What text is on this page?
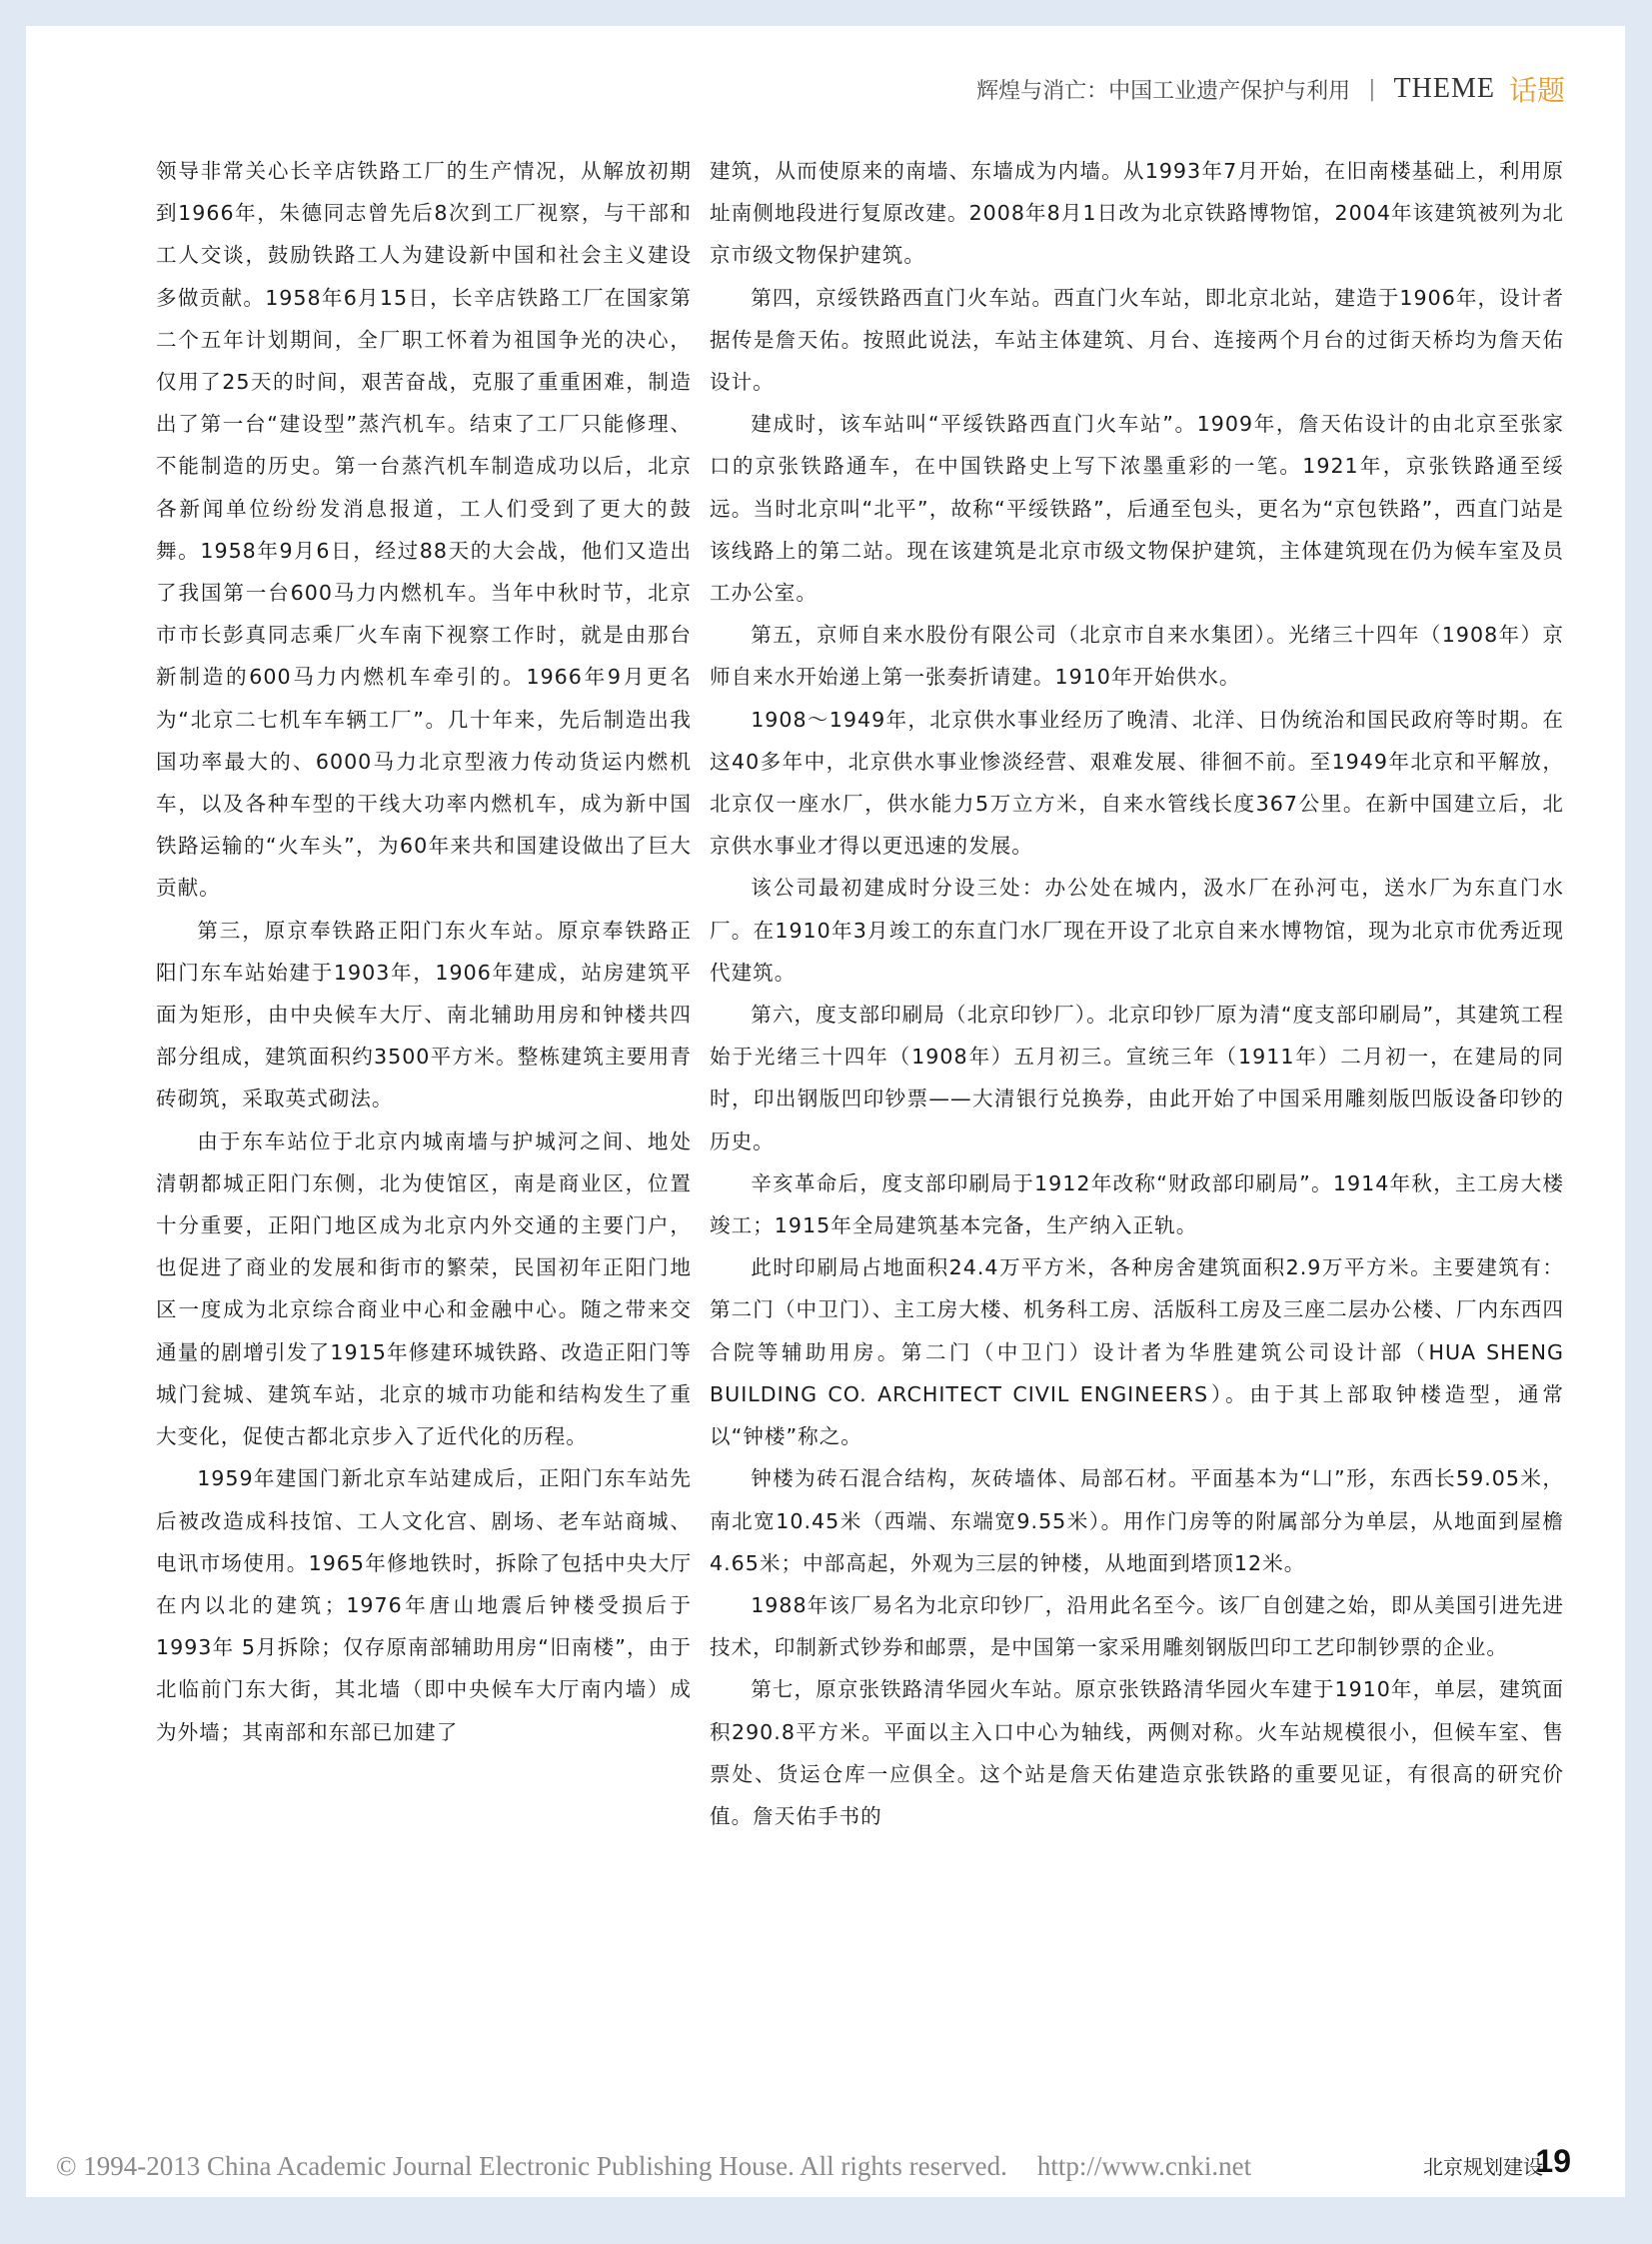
辉煌与消亡：中国工业遗产保护与利用 | THEME 话题

领导非常关心长辛店铁路工厂的生产情况，从解放初期到1966年，朱德同志曾先后8次到工厂视察，与干部和工人交谈，鼓励铁路工人为建设新中国和社会主义建设多做贡献。1958年6月15日，长辛店铁路工厂在国家第二个五年计划期间，全厂职工怀着为祖国争光的决心，仅用了25天的时间，艰苦奋战，克服了重重困难，制造出了第一台“建设型”蒸汽机车。结束了工厂只能修理、不能制造的历史。第一台蒸汽机车制造成功以后，北京各新闻单位纷纷发消息报道，工人们受到了更大的鼓舞。1958年9月6日，经过88天的大会战，他们又造出了我国第一台600马力内燃机车。当年中秋时节，北京市市长彭真同志乘厂火车南下视察工作时，就是由那台新制造的600马力内燃机车牵引的。1966年9月更名为“北京二七机车车辆工厂”。几十年来，先后制造出我国功率最大的、6000马力北京型液力传动货运内燃机车，以及各种车型的干线大功率内燃机车，成为新中国铁路运输的“火车头”，为60年来共和国建设做出了巨大贡献。

第三，原京奉铁路正阳门东火车站。原京奉铁路正阳门东车站始建于1903年，1906年建成，站房建筑平面为矩形，由中央候车大厅、南北辅助用房和钟楼共四部分组成，建筑面积约3500平方米。整栋建筑主要用青砖砌筑，采取英式砌法。

由于东车站位于北京内城南墙与护城河之间、地处清朝都城正阳门东侧，北为使馆区，南是商业区，位置十分重要，正阳门地区成为北京内外交通的主要门户，也促进了商业的发展和街市的繁荣，民国初年正阳门地区一度成为北京综合商业中心和金融中心。随之带来交通量的剧增引发了1915年修建环城铁路、改造正阳门等城门瓮城、建筑车站，北京的城市功能和结构发生了重大变化，促使古都北京步入了近代化的历程。

1959年建国门新北京车站建成后，正阳门东车站先后被改造成科技馆、工人文化宫、剧场、老车站商城、电讯市场使用。1965年修地铁时，拆除了包括中央大厅在内以北的建筑；1976年唐山地震后钟楼受损后于1993年 5月拆除；仅存原南部辅助用房“旧南楼”，由于北临前门东大街，其北墙（即中央候车大厅南内墙）成为外墙；其南部和东部已加建了

建筑，从而使原来的南墙、东墙成为内墙。从1993年7月开始，在旧南楼基础上，利用原址南侧地段进行复原改建。2008年8月1日改为北京铁路博物馆，2004年该建筑被列为北京市级文物保护建筑。

第四，京绥铁路西直门火车站。西直门火车站，即北京北站，建造于1906年，设计者据传是詹天佑。按照此说法，车站主体建筑、月台、连接两个月台的过街天桥均为詹天佑设计。

建成时，该车站叫“平绥铁路西直门火车站”。1909年，詹天佑设计的由北京至张家口的京张铁路通车，在中国铁路史上写下浓墨重彩的一笔。1921年，京张铁路通至绥远。当时北京叫“北平”，故称“平绥铁路”，后通至包头，更名为“京包铁路”，西直门站是该线路上的第二站。现在该建筑是北京市级文物保护建筑，主体建筑现在仍为候车室及员工办公室。

第五，京师自来水股份有限公司（北京市自来水集团）。光绪三十四年（1908年）京师自来水开始递上第一张奏折请建。1910年开始供水。

1908～1949年，北京供水事业经历了晚清、北洋、日伪统治和国民政府等时期。在这40多年中，北京供水事业惨淡经营、艰难发展、徘徊不前。至1949年北京和平解放，北京仅一座水厂，供水能力5万立方米，自来水管线长度367公里。在新中国建立后，北京供水事业才得以更迅速的发展。

该公司最初建成时分设三处：办公处在城内，汲水厂在孙河屯，送水厂为东直门水厂。在1910年3月竣工的东直门水厂现在开设了北京自来水博物馆，现为北京市优秀近现代建筑。

第六，度支部印刷局（北京印钞厂）。北京印钞厂原为清“度支部印刷局”，其建筑工程始于光绪三十四年（1908年）五月初三。宣统三年（1911年）二月初一，在建局的同时，印出钢版凹印钞票——大清银行兑换券，由此开始了中国采用雕刻版凹版设备印钞的历史。

辛亥革命后，度支部印刷局于1912年改称“财政部印刷局”。1914年秋，主工房大楼竣工；1915年全局建筑基本完备，生产纳入正轨。

此时印刷局占地面积24.4万平方米，各种房舍建筑面积2.9万平方米。主要建筑有：第二门（中卫门）、主工房大楼、机务科工房、活版科工房及三座二层办公楼、厂内东西四合院等辅助用房。第二门（中卫门）设计者为华胜建筑公司设计部（HUA SHENG BUILDING CO. ARCHITECT CIVIL ENGINEERS）。由于其上部取钟楼造型，通常以“钟楼”称之。

钟楼为砖石混合结构，灰砖墙体、局部石材。平面基本为“凵”形，东西长59.05米，南北宽10.45米（西端、东端宽9.55米）。用作门房等的附属部分为单层，从地面到屋檐4.65米；中部高起，外观为三层的钟楼，从地面到塔顶12米。

1988年该厂易名为北京印钞厂，沿用此名至今。该厂自创建之始，即从美国引进先进技术，印制新式钞券和邮票，是中国第一家采用雕刻钢版凹印工艺印制钞票的企业。

第七，原京张铁路清华园火车站。原京张铁路清华园火车建于1910年，单层，建筑面积290.8平方米。平面以主入口中心为轴线，两侧对称。火车站规模很小，但候车室、售票处、货运仓库一应俱全。这个站是詹天佑建造京张铁路的重要见证，有很高的研究价值。詹天佑手书的

© 1994-2013 China Academic Journal Electronic Publishing House. All rights reserved. http://www.cnki.net	北京规划建设
19
